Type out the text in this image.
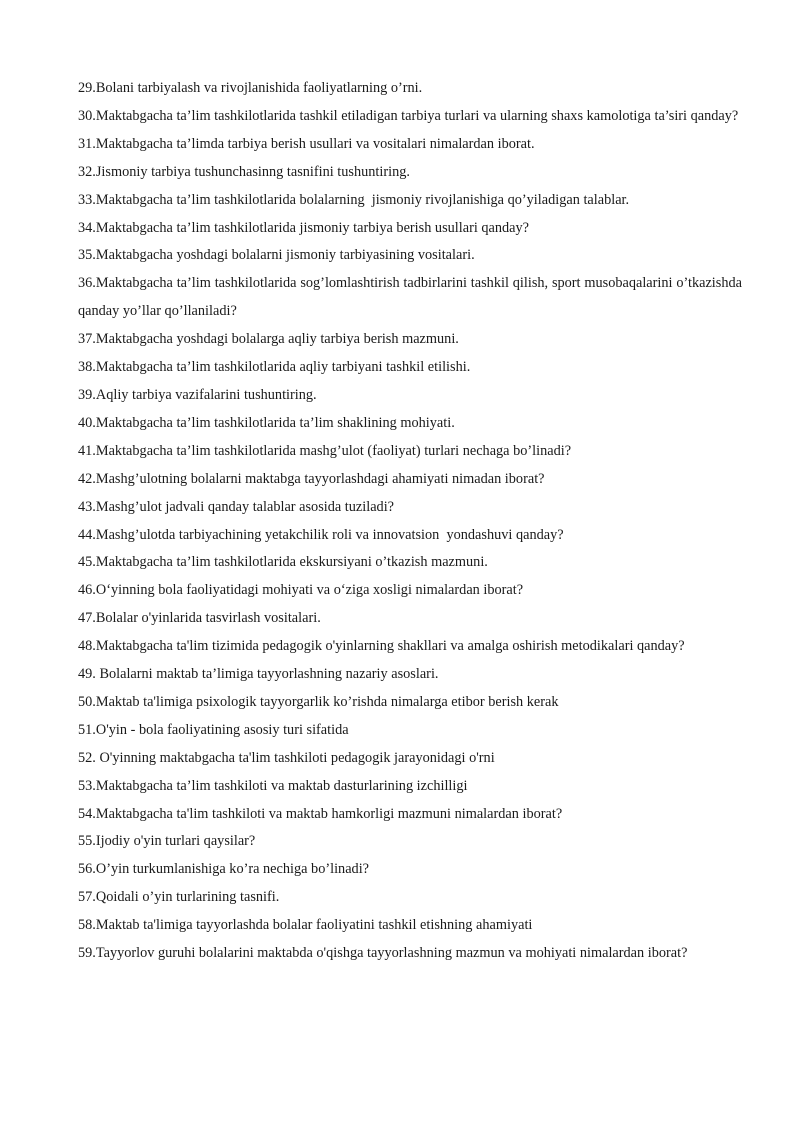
29.Bolani tarbiyalash va rivojlanishida faoliyatlarning o’rni.

30.Maktabgacha ta’lim tashkilotlarida tashkil etiladigan tarbiya turlari va ularning shaxs kamolotiga ta’siri qanday?

31.Maktabgacha ta’limda tarbiya berish usullari va vositalari nimalardan iborat.

32.Jismoniy tarbiya tushunchasinng tasnifini tushuntiring.

33.Maktabgacha ta’lim tashkilotlarida bolalarning  jismoniy rivojlanishiga qo’yiladigan talablar.

34.Maktabgacha ta’lim tashkilotlarida jismoniy tarbiya berish usullari qanday?

35.Maktabgacha yoshdagi bolalarni jismoniy tarbiyasining vositalari.

36.Maktabgacha ta’lim tashkilotlarida sog’lomlashtirish tadbirlarini tashkil qilish, sport musobaqalarini o’tkazishda qanday yo’llar qo’llaniladi?

37.Maktabgacha yoshdagi bolalarga aqliy tarbiya berish mazmuni.

38.Maktabgacha ta’lim tashkilotlarida aqliy tarbiyani tashkil etilishi.

39.Aqliy tarbiya vazifalarini tushuntiring.

40.Maktabgacha ta’lim tashkilotlarida ta’lim shaklining mohiyati.

41.Maktabgacha ta’lim tashkilotlarida mashg’ulot (faoliyat) turlari nechaga bo’linadi?

42.Mashg’ulotning bolalarni maktabga tayyorlashdagi ahamiyati nimadan iborat?

43.Mashg’ulot jadvali qanday talablar asosida tuziladi?

44.Mashg’ulotda tarbiyachining yetakchilik roli va innovatsion  yondashuvi qanday?

45.Maktabgacha ta’lim tashkilotlarida ekskursiyani o’tkazish mazmuni.

46.O‘yinning bola faoliyatidagi mohiyati va o‘ziga xosligi nimalardan iborat?

47.Bolalar o'yinlarida tasvirlash vositalari.

48.Maktabgacha ta'lim tizimida pedagogik o'yinlarning shakllari va amalga oshirish metodikalari qanday?

49. Bolalarni maktab ta’limiga tayyorlashning nazariy asoslari.

50.Maktab ta'limiga psixologik tayyorgarlik ko’rishda nimalarga etibor berish kerak

51.O'yin - bola faoliyatining asosiy turi sifatida

52. O'yinning maktabgacha ta'lim tashkiloti pedagogik jarayonidagi o'rni

53.Maktabgacha ta’lim tashkiloti va maktab dasturlarining izchilligi

54.Maktabgacha ta'lim tashkiloti va maktab hamkorligi mazmuni nimalardan iborat?

55.Ijodiy o'yin turlari qaysilar?

56.O’yin turkumlanishiga ko’ra nechiga bo’linadi?

57.Qoidali o’yin turlarining tasnifi.

58.Maktab ta'limiga tayyorlashda bolalar faoliyatini tashkil etishning ahamiyati

59.Tayyorlov guruhi bolalarini maktabda o'qishga tayyorlashning mazmun va mohiyati nimalardan iborat?
